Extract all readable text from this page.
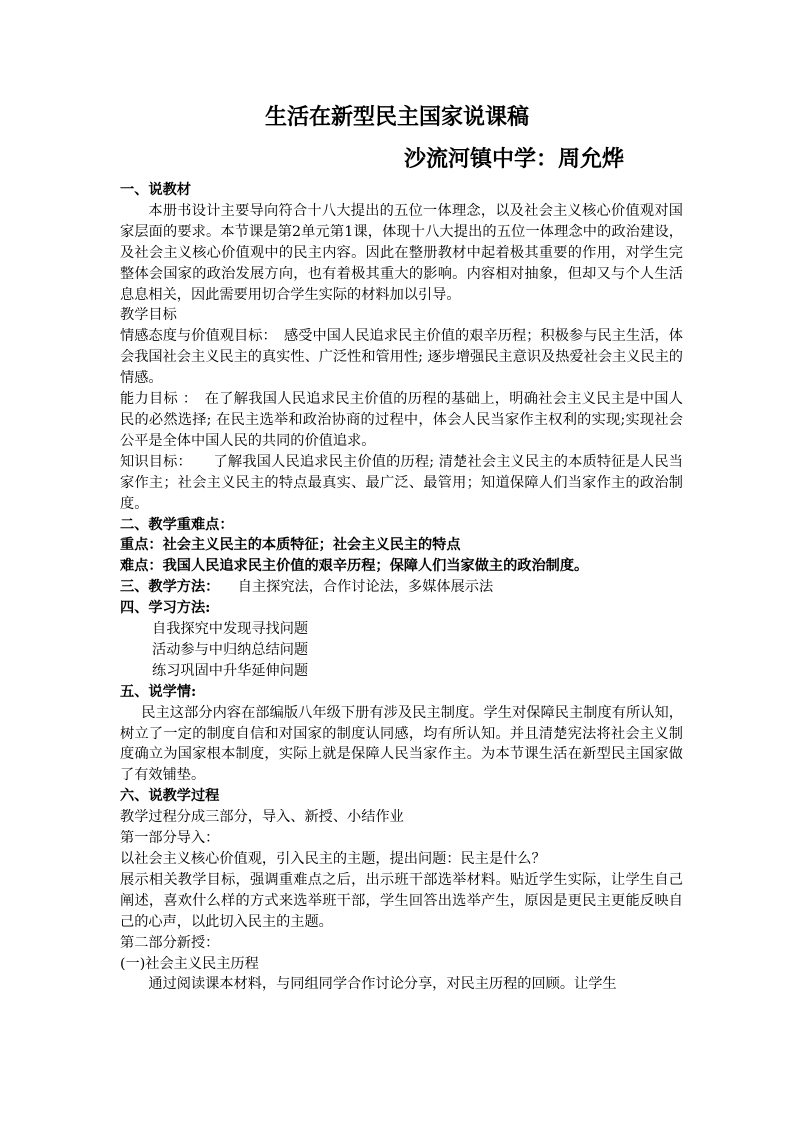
生活在新型民主国家说课稿
沙流河镇中学：周允烨

一、说教材

本册书设计主要导向符合十八大提出的五位一体理念，以及社会主义核心价值观对国家层面的要求。本节课是第2单元第1课，体现十八大提出的五位一体理念中的政治建设，及社会主义核心价值观中的民主内容。因此在整册教材中起着极其重要的作用，对学生完整体会国家的政治发展方向，也有着极其重大的影响。内容相对抽象，但却又与个人生活息息相关，因此需要用切合学生实际的材料加以引导。

教学目标

情感态度与价值观目标：　感受中国人民追求民主价值的艰辛历程；积极参与民主生活，体会我国社会主义民主的真实性、广泛性和管用性; 逐步增强民主意识及热爱社会主义民主的情感。

能力目标 ：　在了解我国人民追求民主价值的历程的基础上，明确社会主义民主是中国人民的必然选择; 在民主选举和政治协商的过程中，体会人民当家作主权利的实现;实现社会公平是全体中国人民的共同的价值追求。

知识目标：　　了解我国人民追求民主价值的历程; 清楚社会主义民主的本质特征是人民当家作主；社会主义民主的特点最真实、最广泛、最管用；知道保障人们当家作主的政治制度。

二、教学重难点：

重点：社会主义民主的本质特征；社会主义民主的特点

难点：我国人民追求民主价值的艰辛历程；保障人们当家做主的政治制度。

三、教学方法： 自主探究法，合作讨论法，多媒体展示法

四、学习方法:

自我探究中发现寻找问题

活动参与中归纳总结问题

练习巩固中升华延伸问题

五、说学情:

民主这部分内容在部编版八年级下册有涉及民主制度。学生对保障民主制度有所认知，树立了一定的制度自信和对国家的制度认同感，均有所认知。并且清楚宪法将社会主义制度确立为国家根本制度，实际上就是保障人民当家作主。为本节课生活在新型民主国家做了有效铺垫。

六、说教学过程

教学过程分成三部分，导入、新授、小结作业

第一部分导入：

以社会主义核心价值观，引入民主的主题，提出问题：民主是什么？

展示相关教学目标，强调重难点之后，出示班干部选举材料。贴近学生实际，让学生自己阐述，喜欢什么样的方式来选举班干部，学生回答出选举产生，原因是更民主更能反映自己的心声，以此切入民主的主题。

第二部分新授：

(一)社会主义民主历程

通过阅读课本材料，与同组同学合作讨论分享，对民主历程的回顾。让学生
